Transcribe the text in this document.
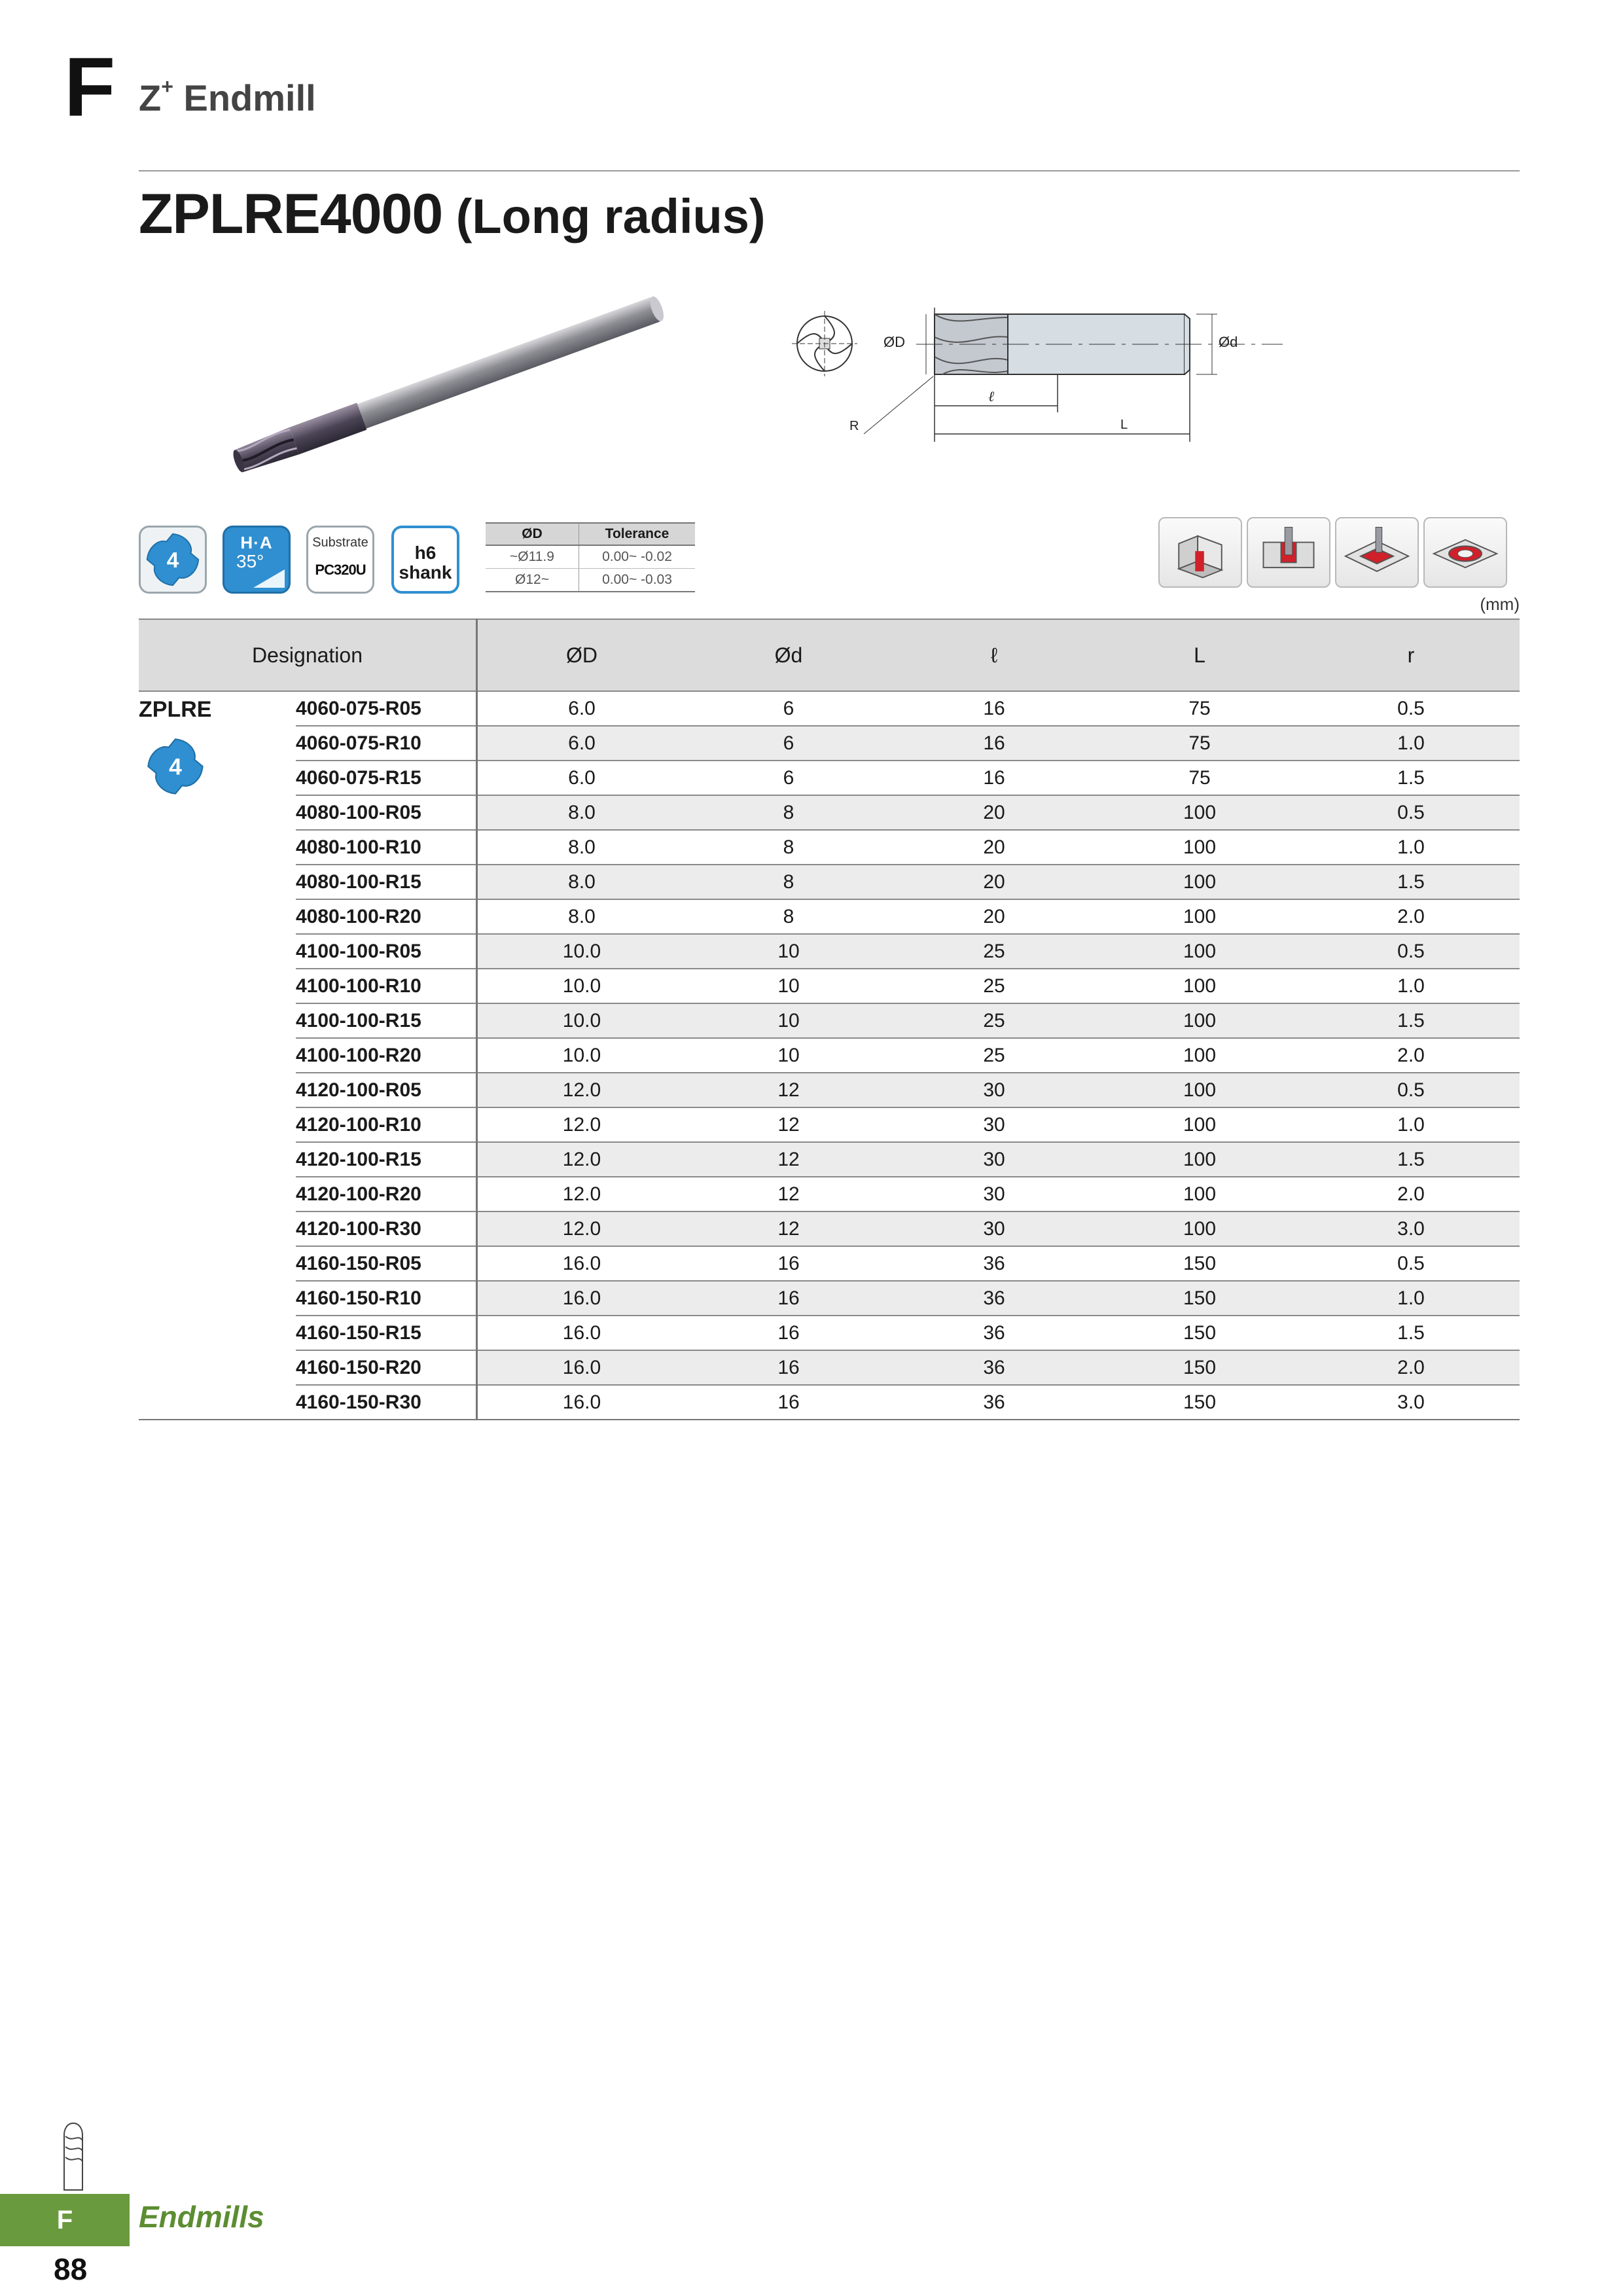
F Z+ Endmill
ZPLRE4000 (Long radius)
ØD	Ød
ℓ
L
R
4
H·A
35°
Substrate
PC320U
h6
shank
ØD	Tolerance
~Ø11.9	0.00~ -0.02
Ø12~	0.00~ -0.03
(mm)
Designation		ØD	Ød	ℓ	L	r

ZPLRE
4	4060-075-R05	6.0	6	16	75	0.5
	4060-075-R10	6.0	6	16	75	1.0
	4060-075-R15	6.0	6	16	75	1.5
	4080-100-R05	8.0	8	20	100	0.5
	4080-100-R10	8.0	8	20	100	1.0
	4080-100-R15	8.0	8	20	100	1.5
	4080-100-R20	8.0	8	20	100	2.0
	4100-100-R05	10.0	10	25	100	0.5
	4100-100-R10	10.0	10	25	100	1.0
	4100-100-R15	10.0	10	25	100	1.5
	4100-100-R20	10.0	10	25	100	2.0
	4120-100-R05	12.0	12	30	100	0.5
	4120-100-R10	12.0	12	30	100	1.0
	4120-100-R15	12.0	12	30	100	1.5
	4120-100-R20	12.0	12	30	100	2.0
	4120-100-R30	12.0	12	30	100	3.0
	4160-150-R05	16.0	16	36	150	0.5
	4160-150-R10	16.0	16	36	150	1.0
	4160-150-R15	16.0	16	36	150	1.5
	4160-150-R20	16.0	16	36	150	2.0
	4160-150-R30	16.0	16	36	150	3.0
F	Endmills
88
